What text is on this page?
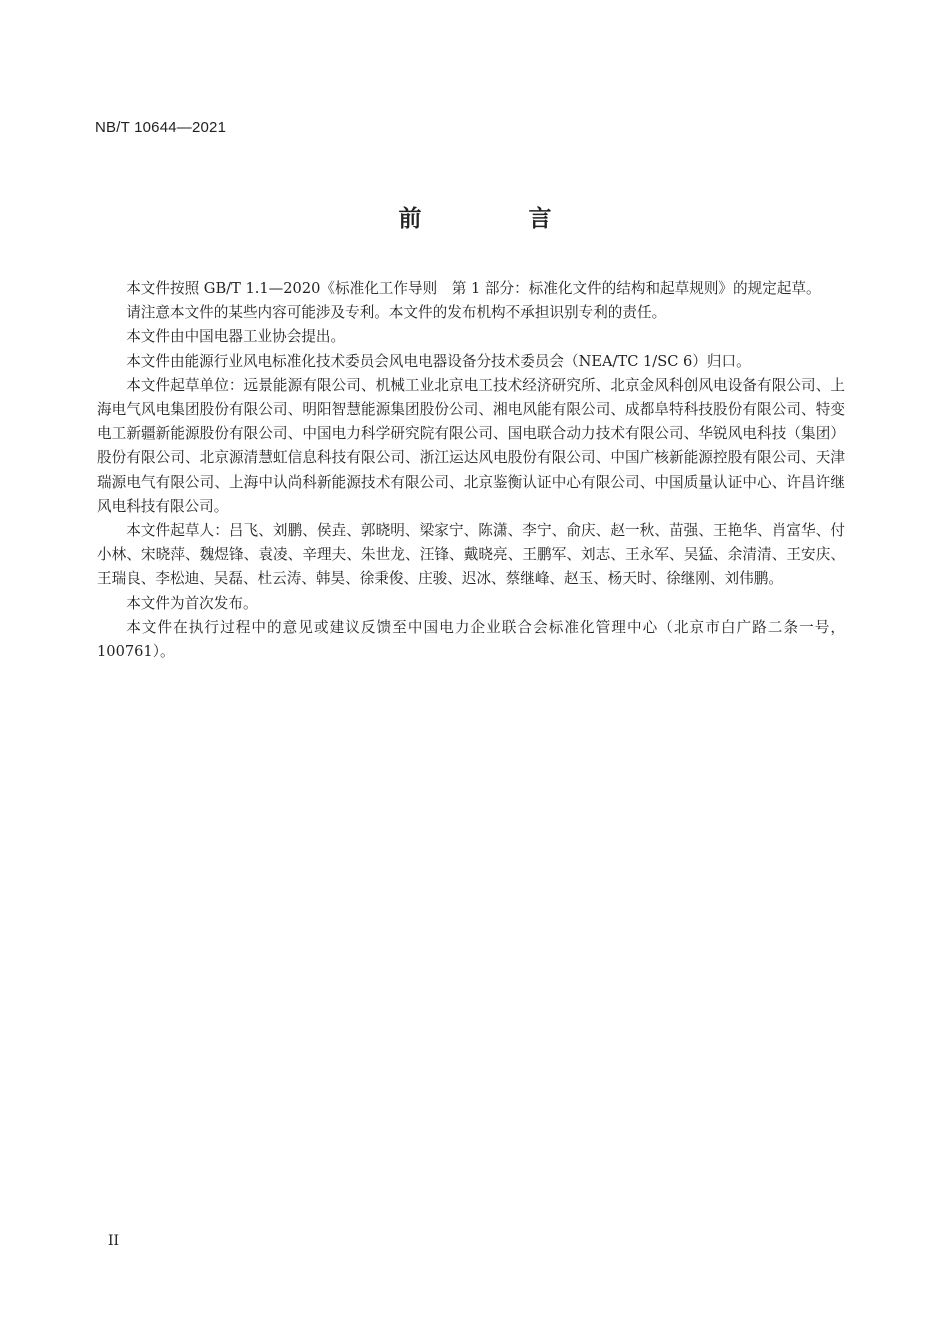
NB/T 10644—2021
前　言

本文件按照 GB/T 1.1—2020《标准化工作导则　第 1 部分：标准化文件的结构和起草规则》的规定起草。

请注意本文件的某些内容可能涉及专利。本文件的发布机构不承担识别专利的责任。

本文件由中国电器工业协会提出。

本文件由能源行业风电标准化技术委员会风电电器设备分技术委员会（NEA/TC 1/SC 6）归口。

本文件起草单位：远景能源有限公司、机械工业北京电工技术经济研究所、北京金风科创风电设备有限公司、上海电气风电集团股份有限公司、明阳智慧能源集团股份公司、湘电风能有限公司、成都阜特科技股份有限公司、特变电工新疆新能源股份有限公司、中国电力科学研究院有限公司、国电联合动力技术有限公司、华锐风电科技（集团）股份有限公司、北京源清慧虹信息科技有限公司、浙江运达风电股份有限公司、中国广核新能源控股有限公司、天津瑞源电气有限公司、上海中认尚科新能源技术有限公司、北京鉴衡认证中心有限公司、中国质量认证中心、许昌许继风电科技有限公司。

本文件起草人：吕飞、刘鹏、侯垚、郭晓明、梁家宁、陈潇、李宁、俞庆、赵一秋、苗强、王艳华、肖富华、付小林、宋晓萍、魏煜锋、袁凌、辛理夫、朱世龙、汪锋、戴晓亮、王鹏军、刘志、王永军、吴猛、余清清、王安庆、王瑞良、李松迪、吴磊、杜云涛、韩昊、徐秉俊、庄骏、迟冰、蔡继峰、赵玉、杨天时、徐继刚、刘伟鹏。

本文件为首次发布。

本文件在执行过程中的意见或建议反馈至中国电力企业联合会标准化管理中心（北京市白广路二条一号，100761）。

II
